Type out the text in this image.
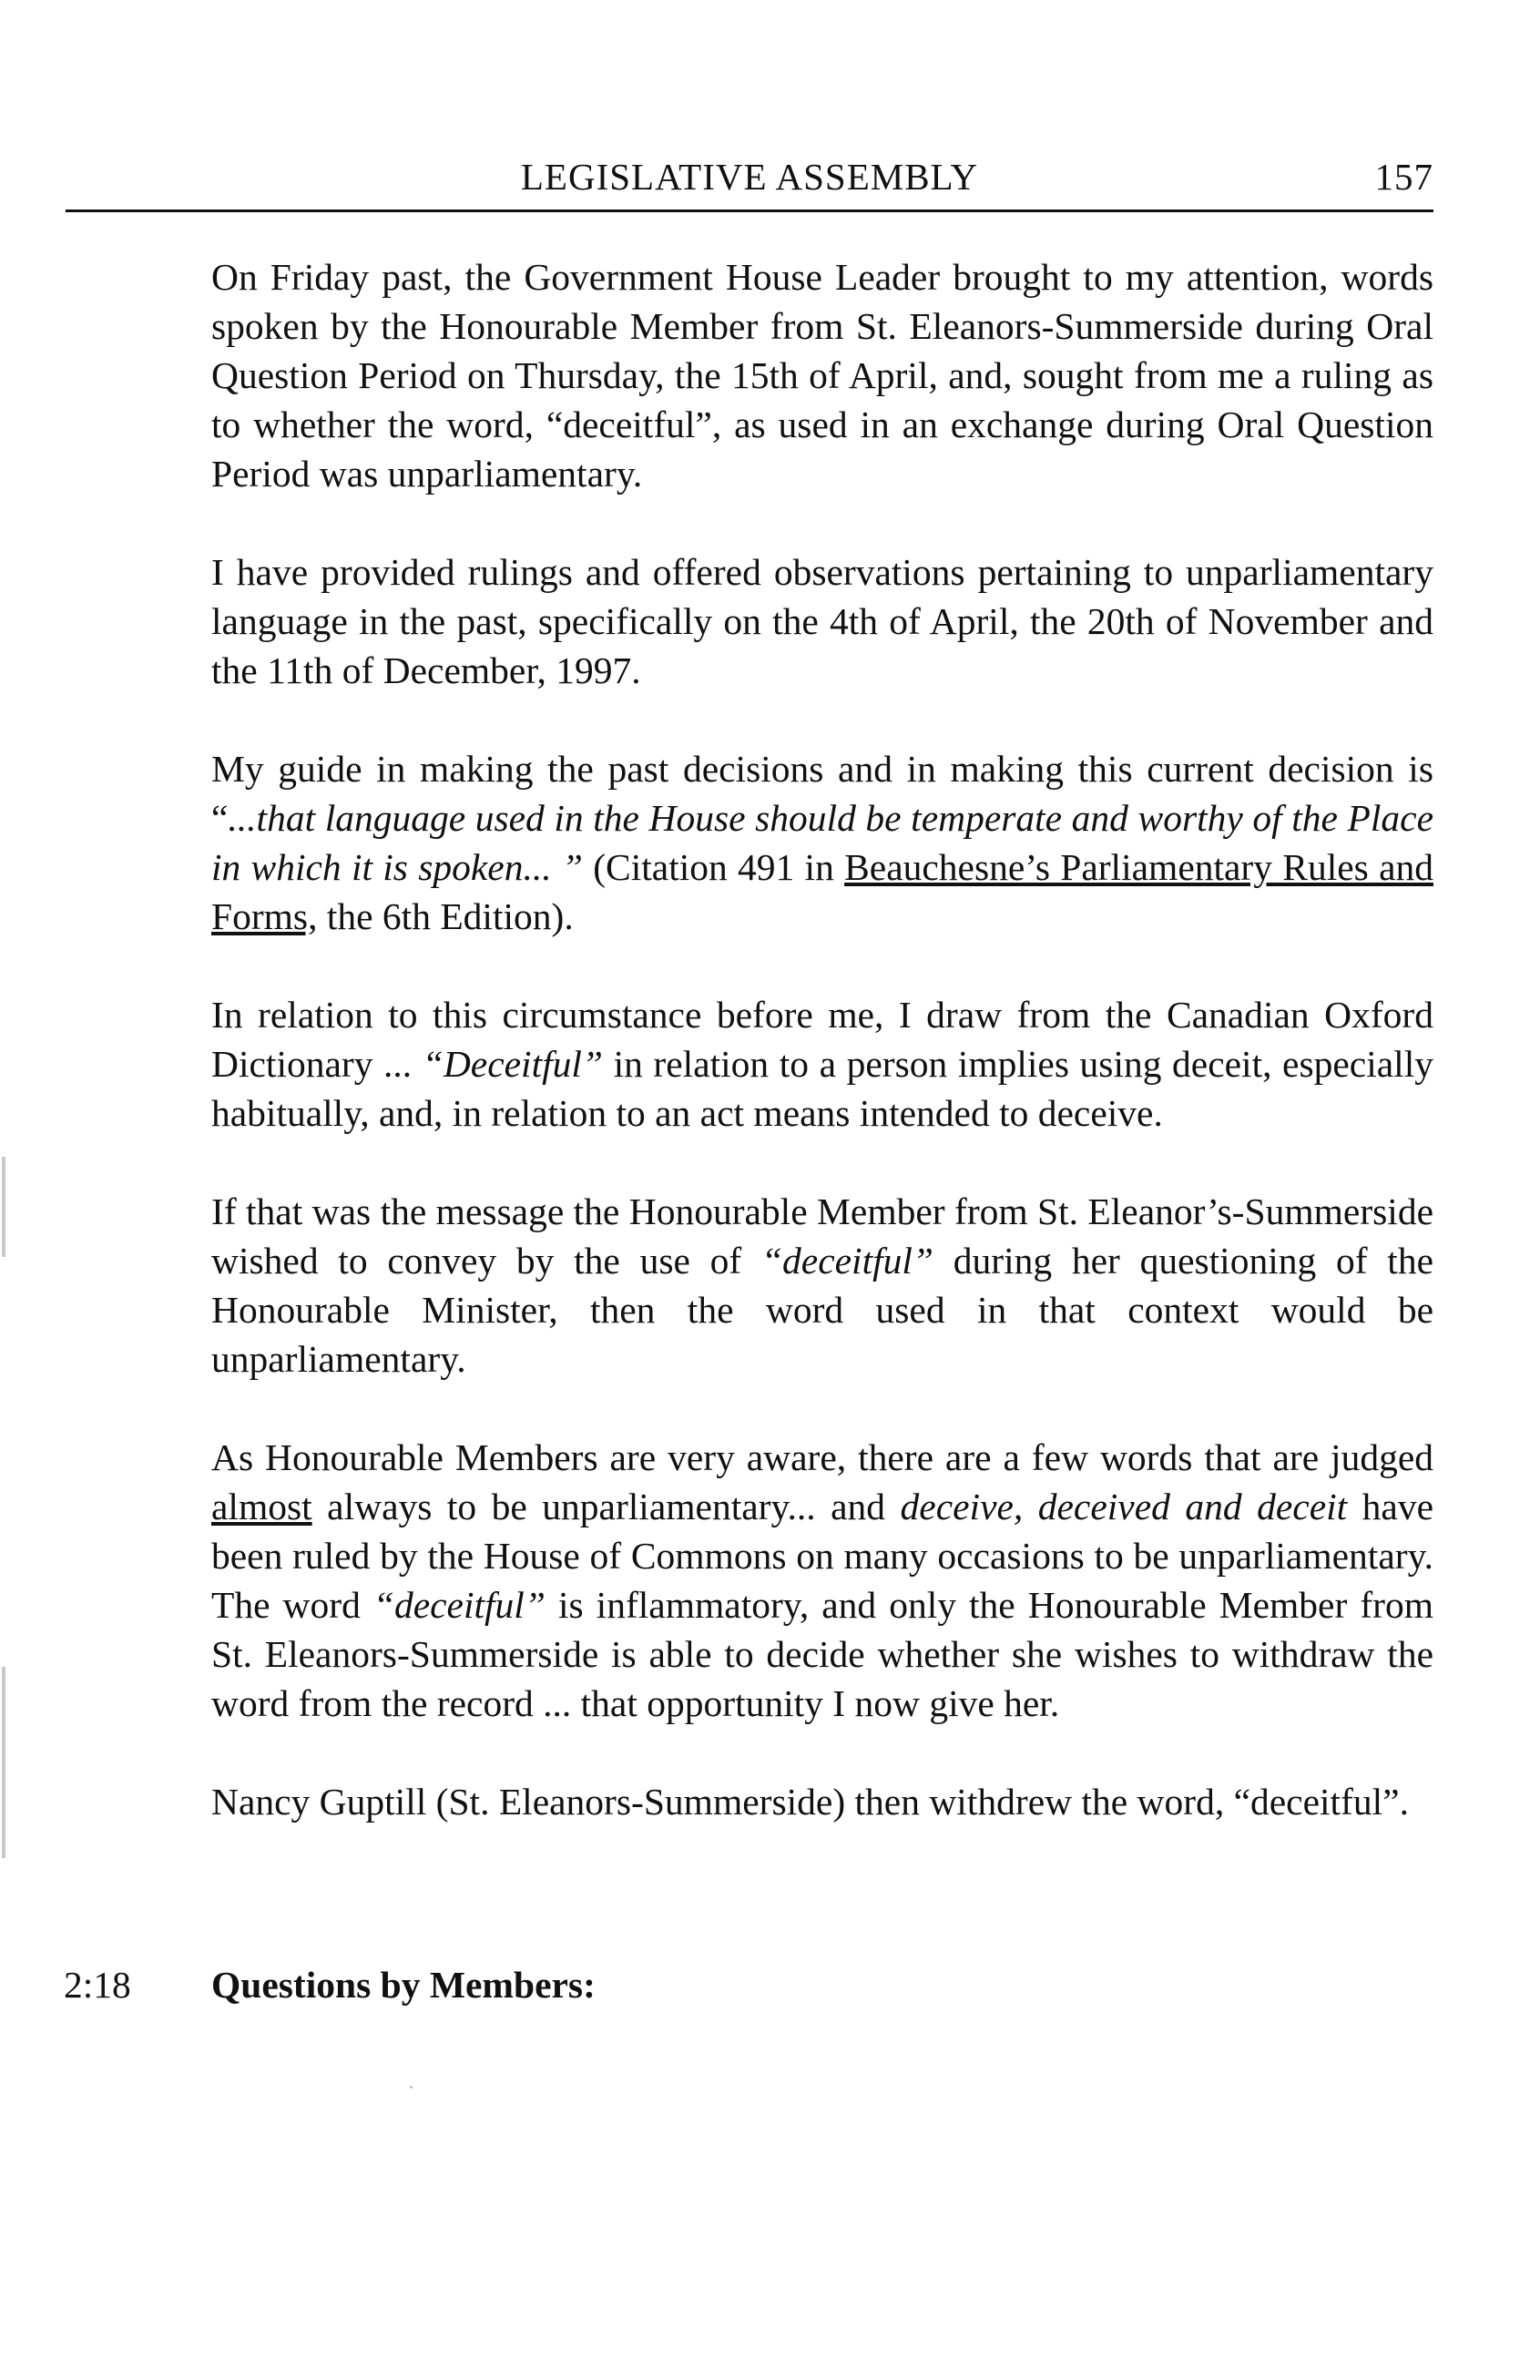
LEGISLATIVE ASSEMBLY	157

On Friday past, the Government House Leader brought to my attention, words spoken by the Honourable Member from St. Eleanors-Summerside during Oral Question Period on Thursday, the 15th of April, and, sought from me a ruling as to whether the word, “deceitful”, as used in an exchange during Oral Question Period was unparliamentary.

I have provided rulings and offered observations pertaining to unparliamentary language in the past, specifically on the 4th of April, the 20th of November and the 11th of December, 1997.

My guide in making the past decisions and in making this current decision is “...that language used in the House should be temperate and worthy of the Place in which it is spoken... ” (Citation 491 in Beauchesne’s Parliamentary Rules and Forms, the 6th Edition).

In relation to this circumstance before me, I draw from the Canadian Oxford Dictionary ... “Deceitful” in relation to a person implies using deceit, especially habitually, and, in relation to an act means intended to deceive.

If that was the message the Honourable Member from St. Eleanor’s-Summerside wished to convey by the use of “deceitful” during her questioning of the Honourable Minister, then the word used in that context would be unparliamentary.

As Honourable Members are very aware, there are a few words that are judged almost always to be unparliamentary... and deceive, deceived and deceit have been ruled by the House of Commons on many occasions to be unparliamentary. The word “deceitful” is inflammatory, and only the Honourable Member from St. Eleanors-Summerside is able to decide whether she wishes to withdraw the word from the record ... that opportunity I now give her.

Nancy Guptill (St. Eleanors-Summerside) then withdrew the word, “deceitful”.

2:18 Questions by Members:
